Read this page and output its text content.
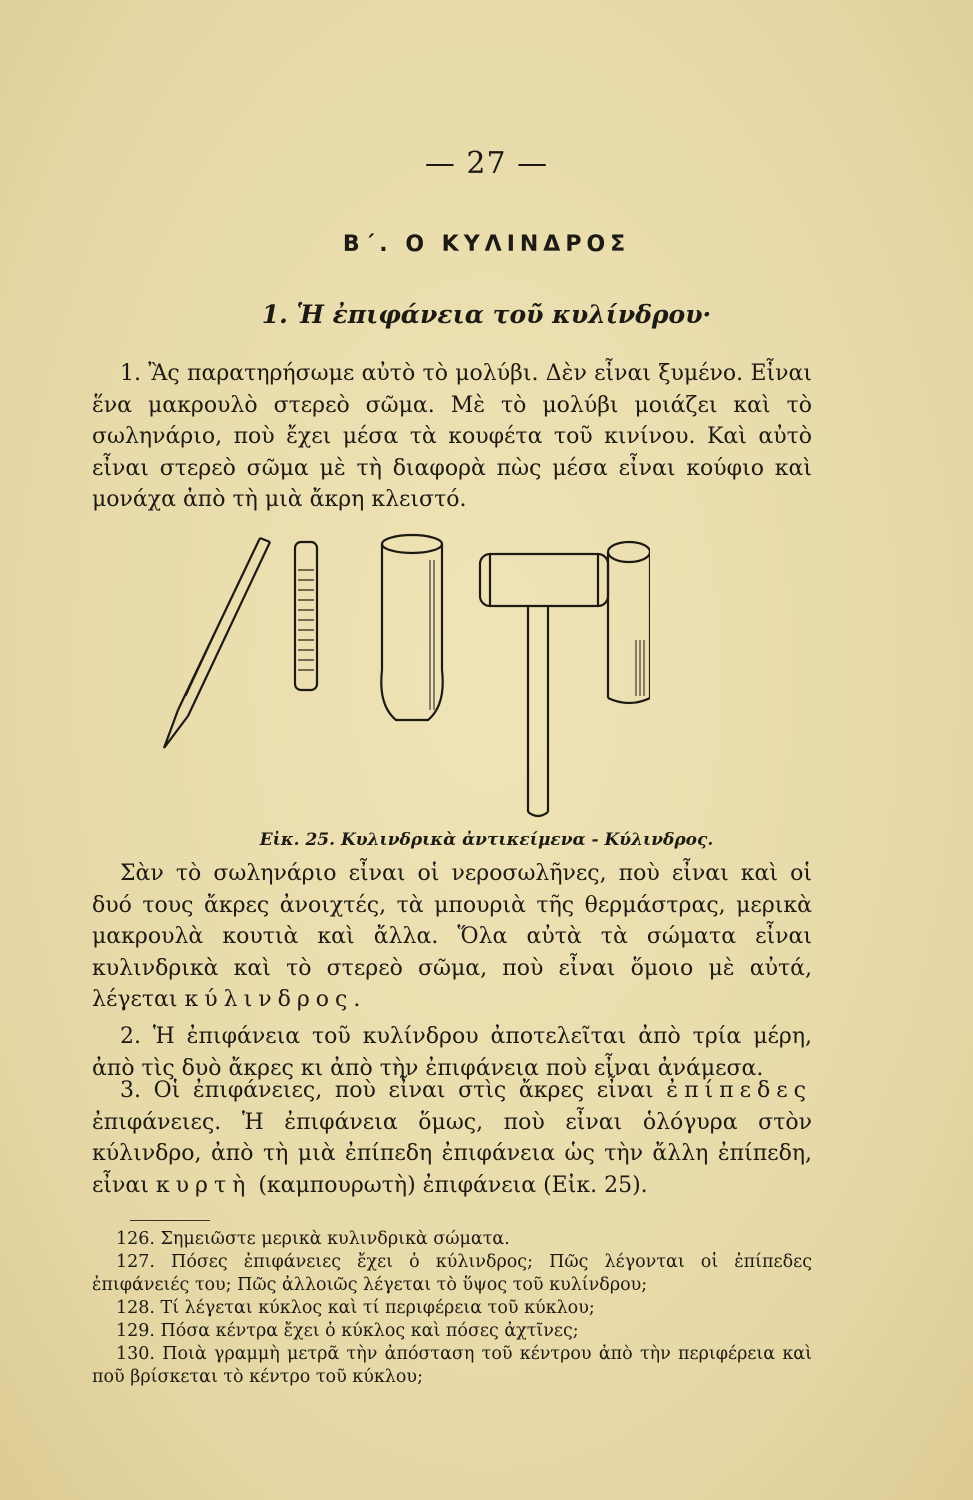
— 27 —
Β΄. Ο ΚΥΛΙΝΔΡΟΣ
1. Ἡ ἐπιφάνεια τοῦ κυλίνδρου·
1. Ἂς παρατηρήσωμε αὐτὸ τὸ μολύβι. Δὲν εἶναι ξυμένο. Εἶναι ἕνα μακρουλὸ στερεὸ σῶμα. Μὲ τὸ μολύβι μοιάζει καὶ τὸ σωληνάριο, ποὺ ἔχει μέσα τὰ κουφέτα τοῦ κινίνου. Καὶ αὐτὸ εἶναι στερεὸ σῶμα μὲ τὴ διαφορὰ πὼς μέσα εἶναι κούφιο καὶ μονάχα ἀπὸ τὴ μιὰ ἄκρη κλειστό.
Εἰκ. 25. Κυλινδρικὰ ἀντικείμενα - Κύλινδρος.
Σὰν τὸ σωληνάριο εἶναι οἱ νεροσωλῆνες, ποὺ εἶναι καὶ οἱ δυό τους ἄκρες ἀνοιχτές, τὰ μπουριὰ τῆς θερμάστρας, μερικὰ μακρουλὰ κουτιὰ καὶ ἄλλα. Ὅλα αὐτὰ τὰ σώματα εἶναι κυλινδρικὰ καὶ τὸ στερεὸ σῶμα, ποὺ εἶναι ὅμοιο μὲ αὐτά, λέγεται κύλινδρος.
2. Ἡ ἐπιφάνεια τοῦ κυλίνδρου ἀποτελεῖται ἀπὸ τρία μέρη, ἀπὸ τὶς δυὸ ἄκρες κι ἀπὸ τὴν ἐπιφάνεια ποὺ εἶναι ἀνάμεσα.
3. Οἱ ἐπιφάνειες, ποὺ εἶναι στὶς ἄκρες εἶναι ἐπίπεδες ἐπιφάνειες. Ἡ ἐπιφάνεια ὅμως, ποὺ εἶναι ὁλόγυρα στὸν κύλινδρο, ἀπὸ τὴ μιὰ ἐπίπεδη ἐπιφάνεια ὡς τὴν ἄλλη ἐπίπεδη, εἶναι κυρτὴ (καμπουρωτὴ) ἐπιφάνεια (Εἰκ. 25).
126. Σημειῶστε μερικὰ κυλινδρικὰ σώματα.
127. Πόσες ἐπιφάνειες ἔχει ὁ κύλινδρος; Πῶς λέγονται οἱ ἐπίπεδες ἐπιφάνειές του; Πῶς ἀλλοιῶς λέγεται τὸ ὕψος τοῦ κυλίνδρου;
128. Τί λέγεται κύκλος καὶ τί περιφέρεια τοῦ κύκλου;
129. Πόσα κέντρα ἔχει ὁ κύκλος καὶ πόσες ἀχτῖνες;
130. Ποιὰ γραμμὴ μετρᾶ τὴν ἀπόσταση τοῦ κέντρου ἀπὸ τὴν περιφέρεια καὶ ποῦ βρίσκεται τὸ κέντρο τοῦ κύκλου;
